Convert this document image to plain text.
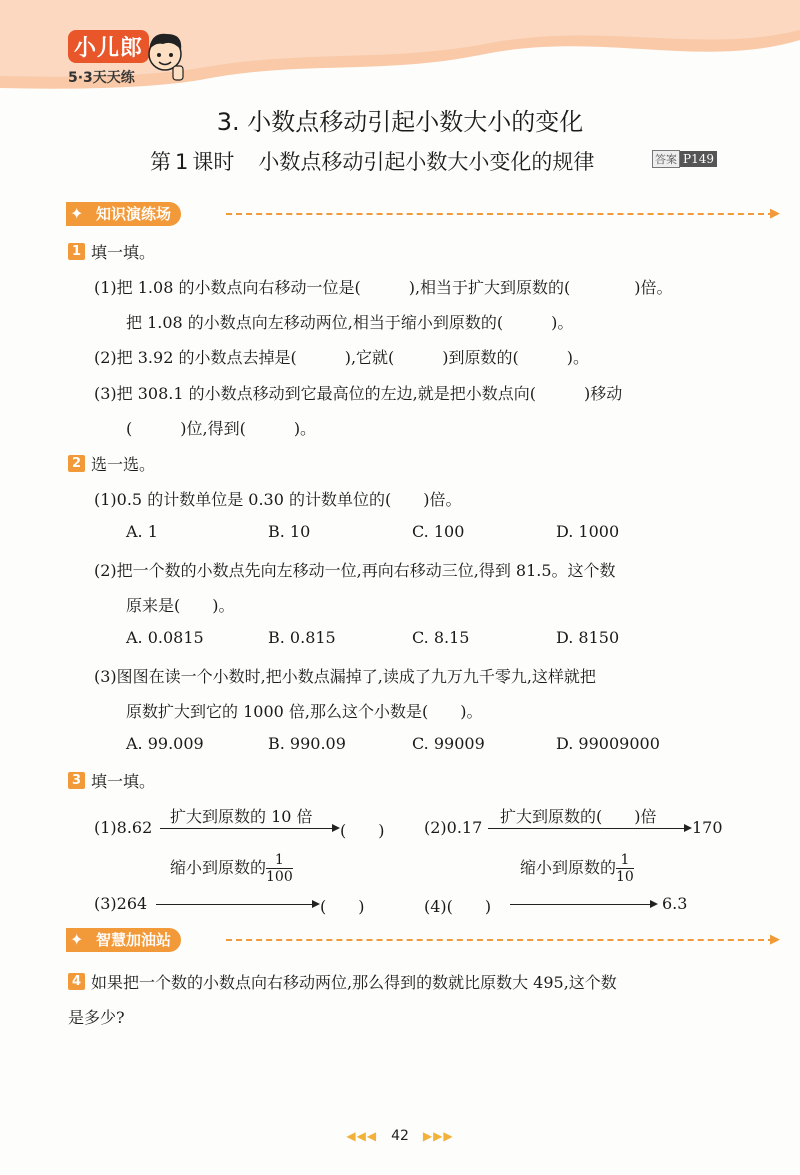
小儿郎
5·3天天练
3. 小数点移动引起小数大小的变化
第 1 课时 小数点移动引起小数大小变化的规律	答案 P149
✦ 知识演练场	▶
1 填一填。
(1)把 1.08 的小数点向右移动一位是(　　　),相当于扩大到原数的(　　　　)倍。
把 1.08 的小数点向左移动两位,相当于缩小到原数的(　　　)。
(2)把 3.92 的小数点去掉是(　　　),它就(　　　)到原数的(　　　)。
(3)把 308.1 的小数点移动到它最高位的左边,就是把小数点向(　　　)移动
(　　　)位,得到(　　　)。
2 选一选。
(1)0.5 的计数单位是 0.30 的计数单位的(　　)倍。
A. 1	B. 10	C. 100	D. 1000
(2)把一个数的小数点先向左移动一位,再向右移动三位,得到 81.5。这个数
原来是(　　)。
A. 0.0815	B. 0.815	C. 8.15	D. 8150
(3)图图在读一个小数时,把小数点漏掉了,读成了九万九千零九,这样就把
原数扩大到它的 1000 倍,那么这个小数是(　　)。
A. 99.009	B. 990.09	C. 99009	D. 99009000
3 填一填。
(1)8.62
扩大到原数的 10 倍
(　　) (2)0.17
扩大到原数的(　　)倍
170
(3)264
缩小到原数的 $\frac{1}{100}$
(　　)	(4)(　　)
缩小到原数的 $\frac{1}{10}$
6.3
✦ 智慧加油站	▶
4 如果把一个数的小数点向右移动两位,那么得到的数就比原数大 495,这个数
是多少?
◀◀◀ 42 ▶▶▶
